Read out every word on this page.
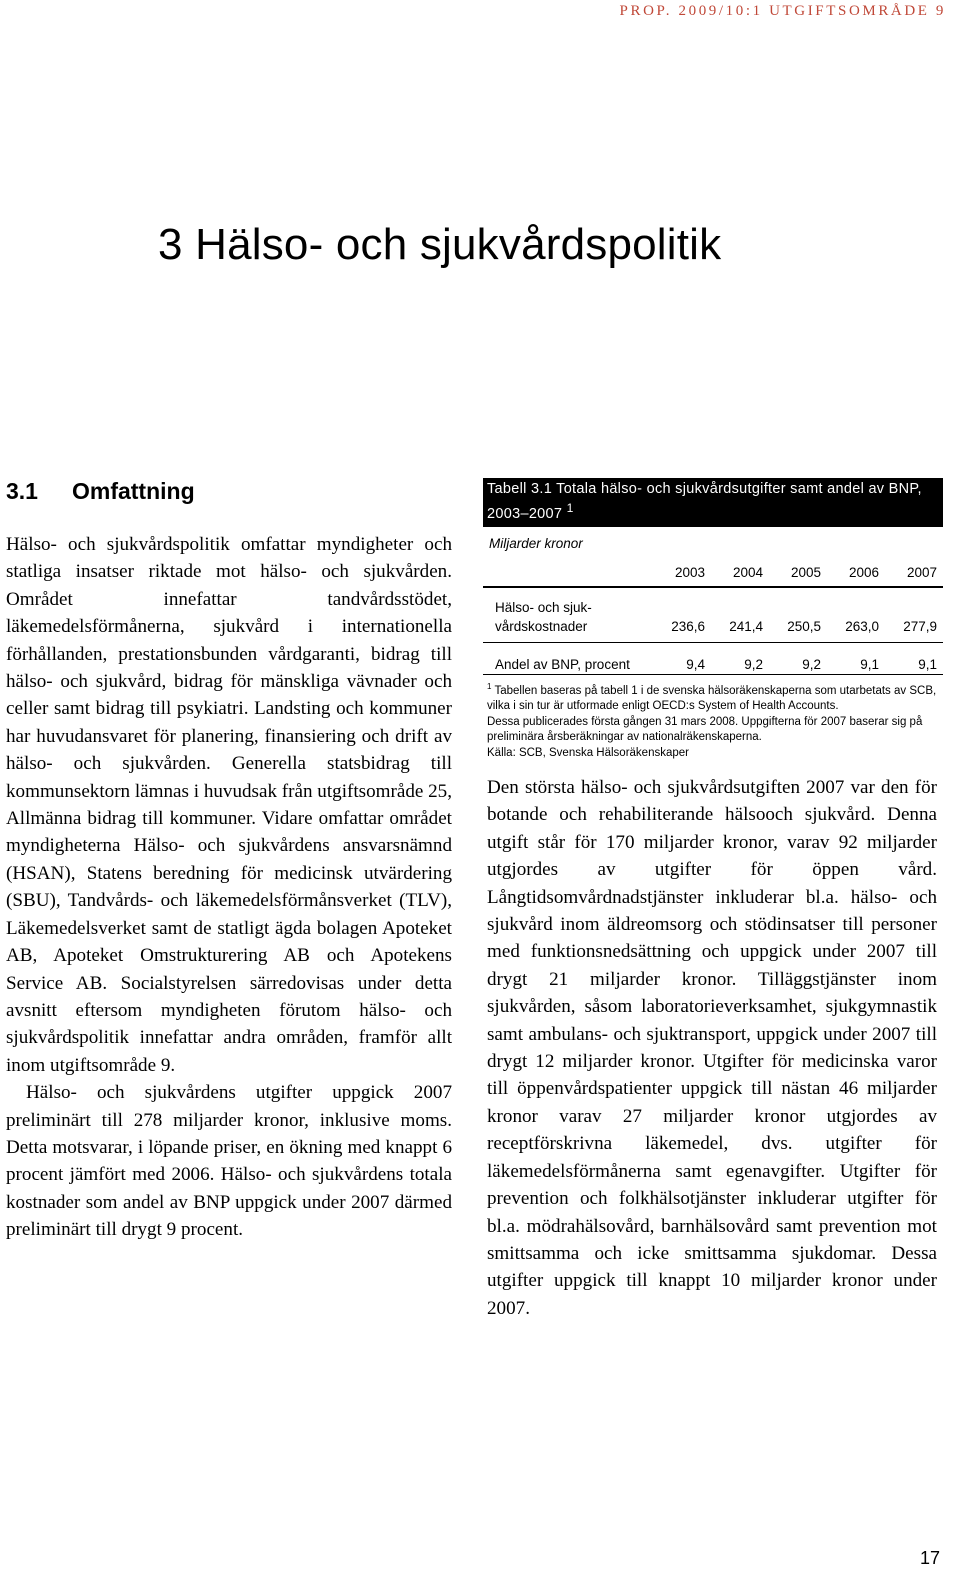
PROP. 2009/10:1 UTGIFTSOMRÅDE 9
3 Hälso- och sjukvårdspolitik
3.1 Omfattning

Hälso- och sjukvårdspolitik omfattar myndigheter och statliga insatser riktade mot hälso- och sjukvården. Området innefattar tandvårdsstödet, läkemedelsförmånerna, sjukvård i internationella förhållanden, prestationsbunden vårdgaranti, bidrag till hälso- och sjukvård, bidrag för mänskliga vävnader och celler samt bidrag till psykiatri. Landsting och kommuner har huvudansvaret för planering, finansiering och drift av hälso- och sjukvården. Generella statsbidrag till kommunsektorn lämnas i huvudsak från utgiftsområde 25, Allmänna bidrag till kommuner. Vidare omfattar området myndigheterna Hälso- och sjukvårdens ansvarsnämnd (HSAN), Statens beredning för medicinsk utvärdering (SBU), Tandvårds- och läkemedelsförmånsverket (TLV), Läkemedelsverket samt de statligt ägda bolagen Apoteket AB, Apoteket Omstrukturering AB och Apotekens Service AB. Socialstyrelsen särredovisas under detta avsnitt eftersom myndigheten förutom hälso- och sjukvårdspolitik innefattar andra områden, framför allt inom utgiftsområde 9.

Hälso- och sjukvårdens utgifter uppgick 2007 preliminärt till 278 miljarder kronor, inklusive moms. Detta motsvarar, i löpande priser, en ökning med knappt 6 procent jämfört med 2006. Hälso- och sjukvårdens totala kostnader som andel av BNP uppgick under 2007 därmed preliminärt till drygt 9 procent.

Tabell 3.1 Totala hälso- och sjukvårdsutgifter samt andel av BNP, 2003–2007 $^1$
Miljarder kronor
	2003	2004	2005	2006	2007
Hälso- och sjuk-
vårdskostnader	236,6	241,4	250,5	263,0	277,9
Andel av BNP, procent	9,4	9,2	9,2	9,1	9,1

$^1$ Tabellen baseras på tabell 1 i de svenska hälsoräkenskaperna som utarbetats av SCB, vilka i sin tur är utformade enligt OECD:s System of Health Accounts.

Dessa publicerades första gången 31 mars 2008. Uppgifterna för 2007 baserar sig på preliminära årsberäkningar av nationalräkenskaperna.

Källa: SCB, Svenska Hälsoräkenskaper

Den största hälso- och sjukvårdsutgiften 2007 var den för botande och rehabiliterande hälsooch sjukvård. Denna utgift står för 170 miljarder kronor, varav 92 miljarder utgjordes av utgifter för öppen vård. Långtidsomvårdnadstjänster inkluderar bl.a. hälso- och sjukvård inom äldreomsorg och stödinsatser till personer med funktionsnedsättning och uppgick under 2007 till drygt 21 miljarder kronor. Tilläggstjänster inom sjukvården, såsom laboratorieverksamhet, sjukgymnastik samt ambulans- och sjuktransport, uppgick under 2007 till drygt 12 miljarder kronor. Utgifter för medicinska varor till öppenvårdspatienter uppgick till nästan 46 miljarder kronor varav 27 miljarder kronor utgjordes av receptförskrivna läkemedel, dvs. utgifter för läkemedelsförmånerna samt egenavgifter. Utgifter för prevention och folkhälsotjänster inkluderar utgifter för bl.a. mödrahälsovård, barnhälsovård samt prevention mot smittsamma och icke smittsamma sjukdomar. Dessa utgifter uppgick till knappt 10 miljarder kronor under 2007.

17
